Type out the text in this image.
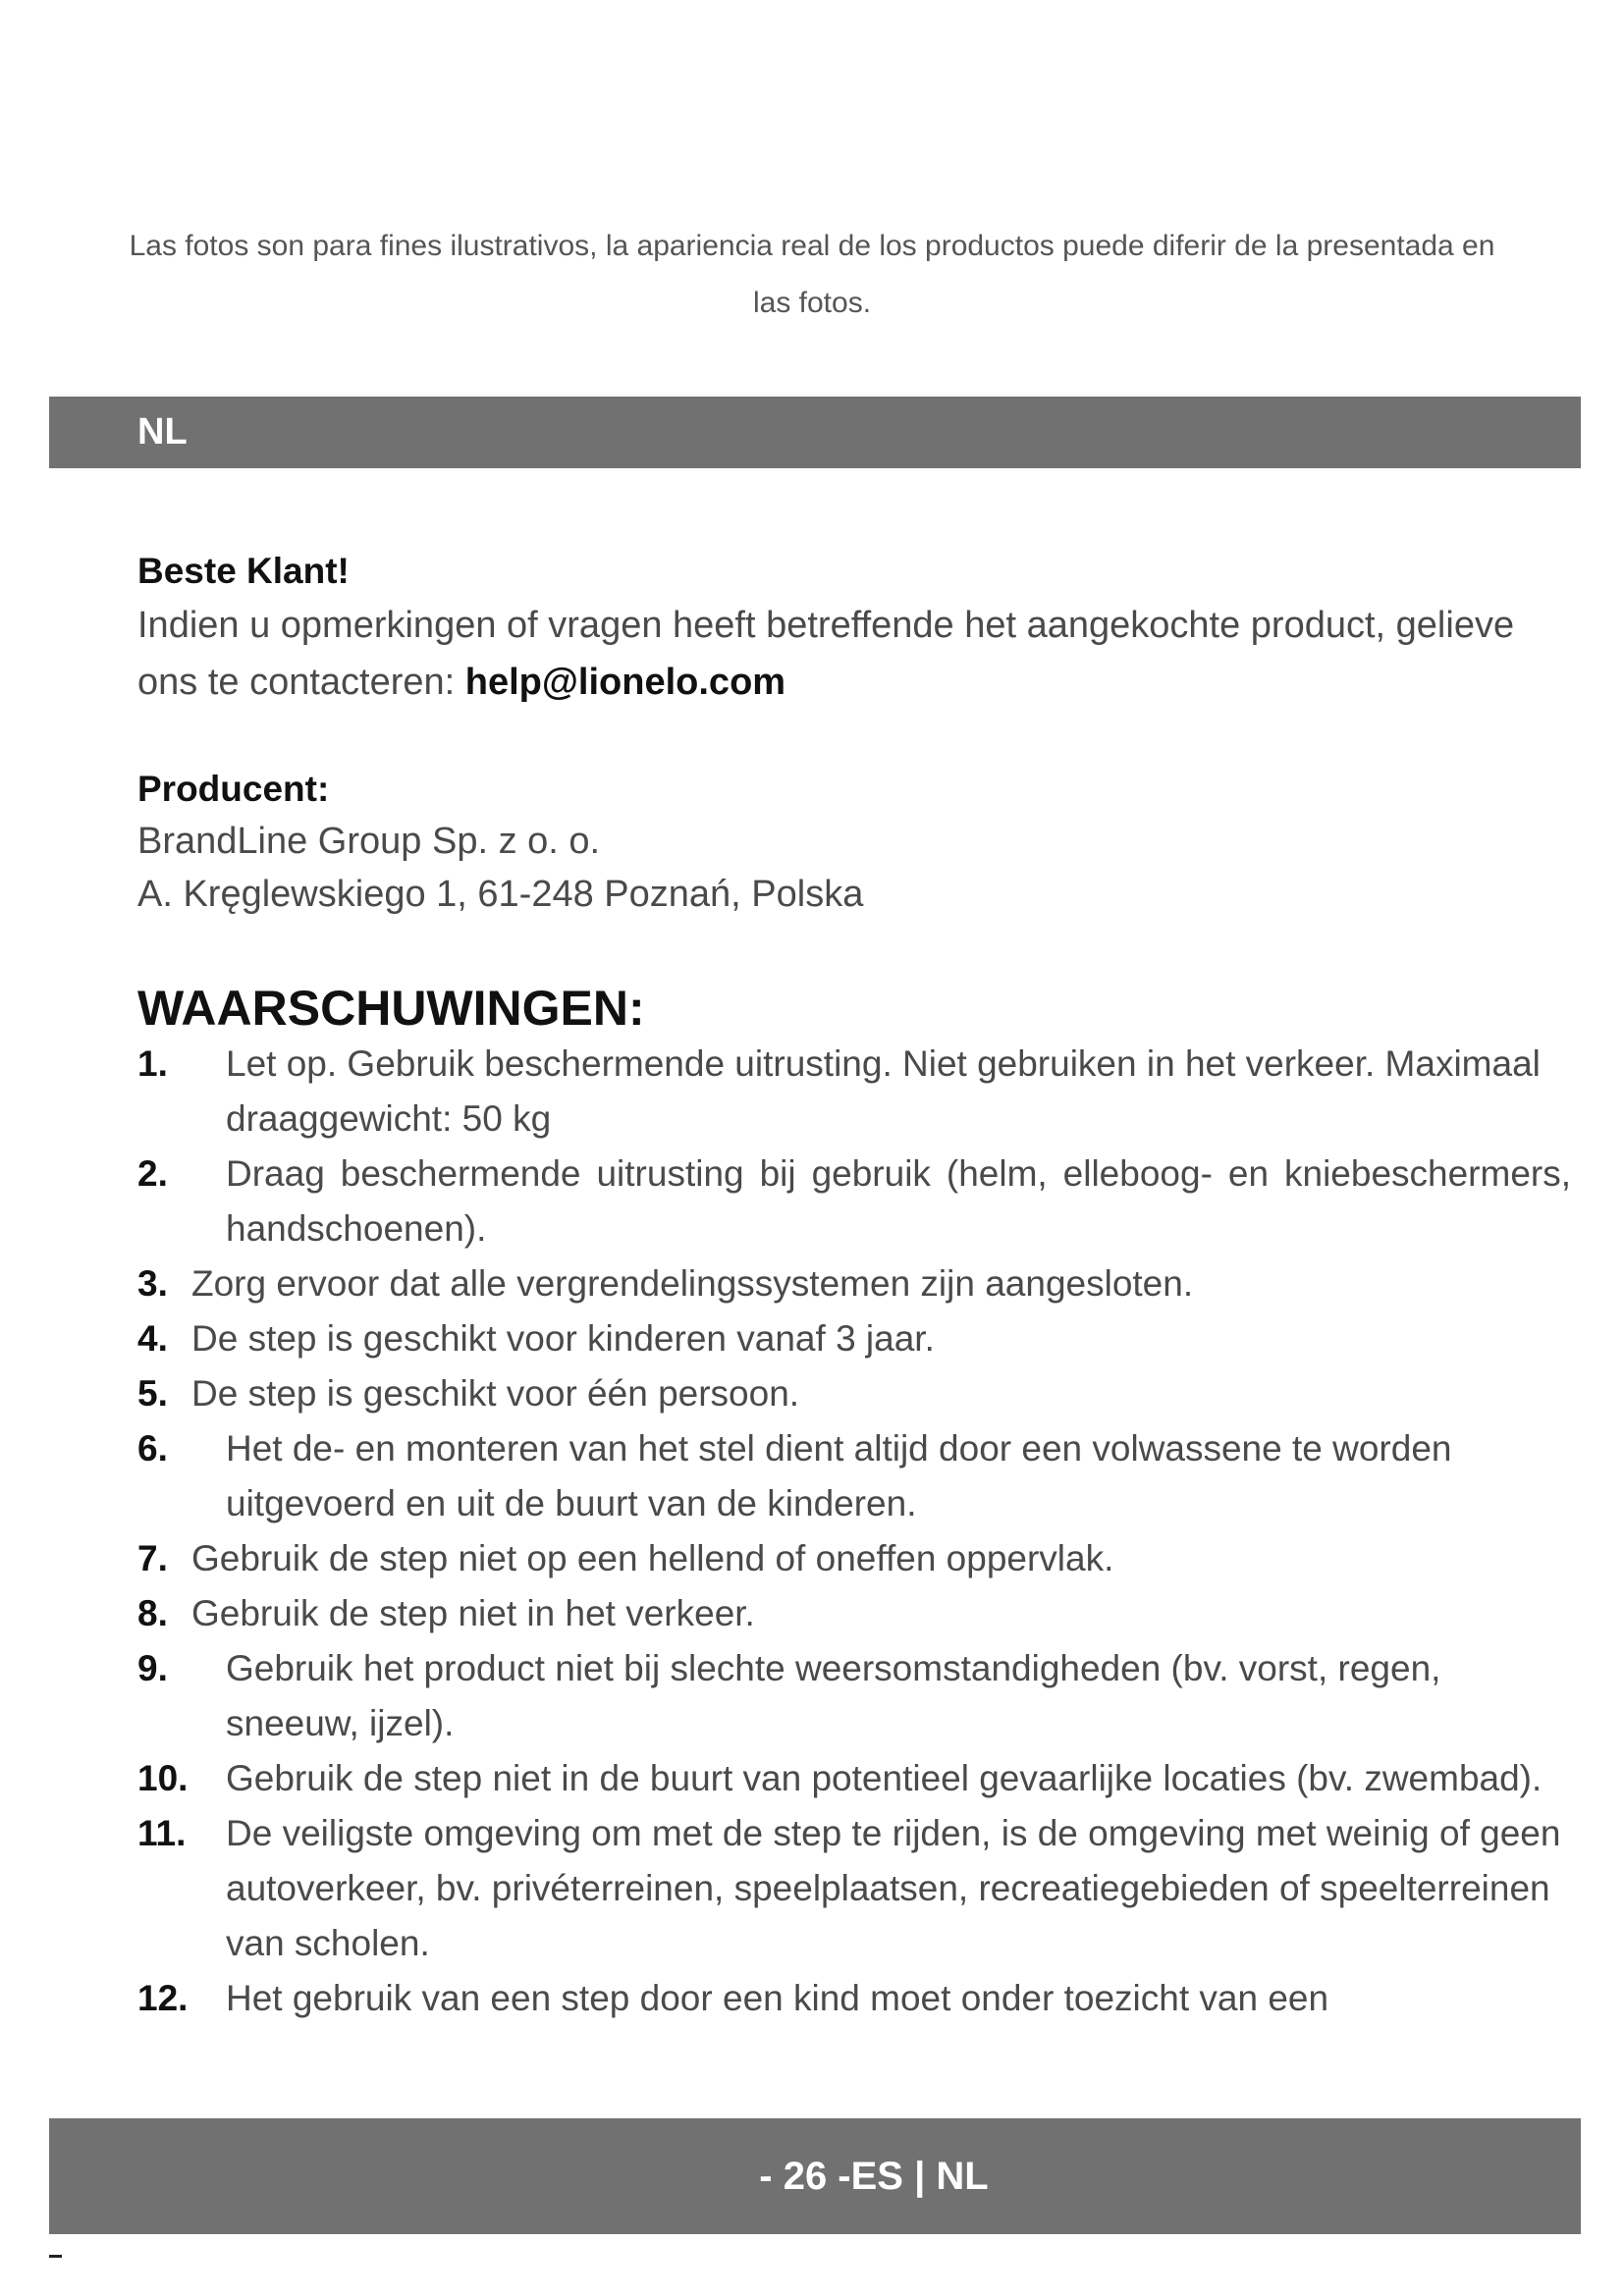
Las fotos son para fines ilustrativos, la apariencia real de los productos puede diferir de la presentada en las fotos.
NL
Beste Klant!
Indien u opmerkingen of vragen heeft betreffende het aangekochte product, gelieve ons te contacteren: help@lionelo.com
Producent:
BrandLine Group Sp. z o. o.
A. Kręglewskiego 1, 61-248 Poznań, Polska
WAARSCHUWINGEN:
1.	Let op. Gebruik beschermende uitrusting. Niet gebruiken in het verkeer. Maximaal draaggewicht: 50 kg
2.	Draag beschermende uitrusting bij gebruik (helm, elleboog- en kniebeschermers, handschoenen).
3. Zorg ervoor dat alle vergrendelingssystemen zijn aangesloten.
4. De step is geschikt voor kinderen vanaf 3 jaar.
5. De step is geschikt voor één persoon.
6.	Het de- en monteren van het stel dient altijd door een volwassene te worden uitgevoerd en uit de buurt van de kinderen.
7. Gebruik de step niet op een hellend of oneffen oppervlak.
8. Gebruik de step niet in het verkeer.
9.	Gebruik het product niet bij slechte weersomstandigheden (bv. vorst, regen, sneeuw, ijzel).
10.	Gebruik de step niet in de buurt van potentieel gevaarlijke locaties (bv. zwembad).
11.	De veiligste omgeving om met de step te rijden, is de omgeving met weinig of geen autoverkeer, bv. privéterreinen, speelplaatsen, recreatiegebieden of speelterreinen van scholen.
12.	Het gebruik van een step door een kind moet onder toezicht van een
- 26 -ES | NL
